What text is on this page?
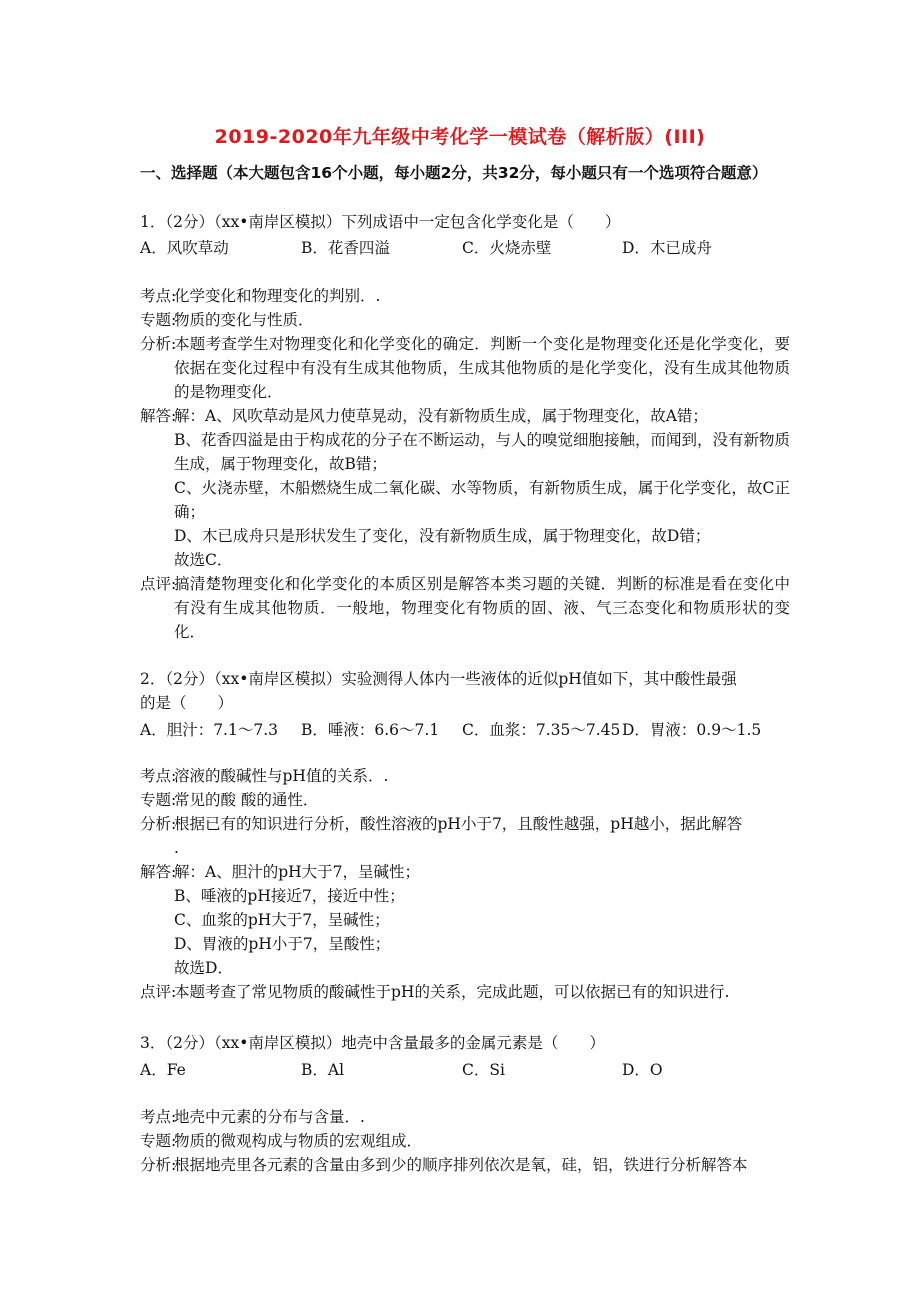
2019-2020年九年级中考化学一模试卷（解析版）(III)
一、选择题（本大题包含16个小题，每小题2分，共32分，每小题只有一个选项符合题意）
1．（2分）（xx•南岸区模拟）下列成语中一定包含化学变化是（　　）
A．风吹草动	B．花香四溢	C．火烧赤壁	D．木已成舟
考点:
化学变化和物理变化的判别．.
专题:
物质的变化与性质．
分析:
本题考查学生对物理变化和化学变化的确定．判断一个变化是物理变化还是化学变化，要依据在变化过程中有没有生成其他物质，生成其他物质的是化学变化，没有生成其他物质的是物理变化．
解答:
解：A、风吹草动是风力使草晃动，没有新物质生成，属于物理变化，故A错；
B、花香四溢是由于构成花的分子在不断运动，与人的嗅觉细胞接触，而闻到，没有新物质生成，属于物理变化，故B错；
C、火浇赤壁，木船燃烧生成二氧化碳、水等物质，有新物质生成，属于化学变化，故C正确；
D、木已成舟只是形状发生了变化，没有新物质生成，属于物理变化，故D错；
故选C．
点评:
搞清楚物理变化和化学变化的本质区别是解答本类习题的关键．判断的标准是看在变化中有没有生成其他物质．一般地，物理变化有物质的固、液、气三态变化和物质形状的变化．
2．（2分）（xx•南岸区模拟）实验测得人体内一些液体的近似pH值如下，其中酸性最强
的是（　　）
A．胆汁：7.1～7.3 B．唾液：6.6～7.1 C．血浆：7.35～7.45 D．胃液：0.9～1.5
考点:
溶液的酸碱性与pH值的关系．.
专题:
常见的酸 酸的通性．
分析:
根据已有的知识进行分析，酸性溶液的pH小于7，且酸性越强，pH越小，据此解答
.
解答:
解：A、胆汁的pH大于7，呈碱性；
B、唾液的pH接近7，接近中性；
C、血浆的pH大于7，呈碱性；
D、胃液的pH小于7，呈酸性；
故选D．
点评:
本题考查了常见物质的酸碱性于pH的关系，完成此题，可以依据已有的知识进行.
3．（2分）（xx•南岸区模拟）地壳中含量最多的金属元素是（　　）
A．Fe	B．Al	C．Si	D．O
考点:
地壳中元素的分布与含量．.
专题:
物质的微观构成与物质的宏观组成．
分析:
根据地壳里各元素的含量由多到少的顺序排列依次是氧，硅，铝，铁进行分析解答本
